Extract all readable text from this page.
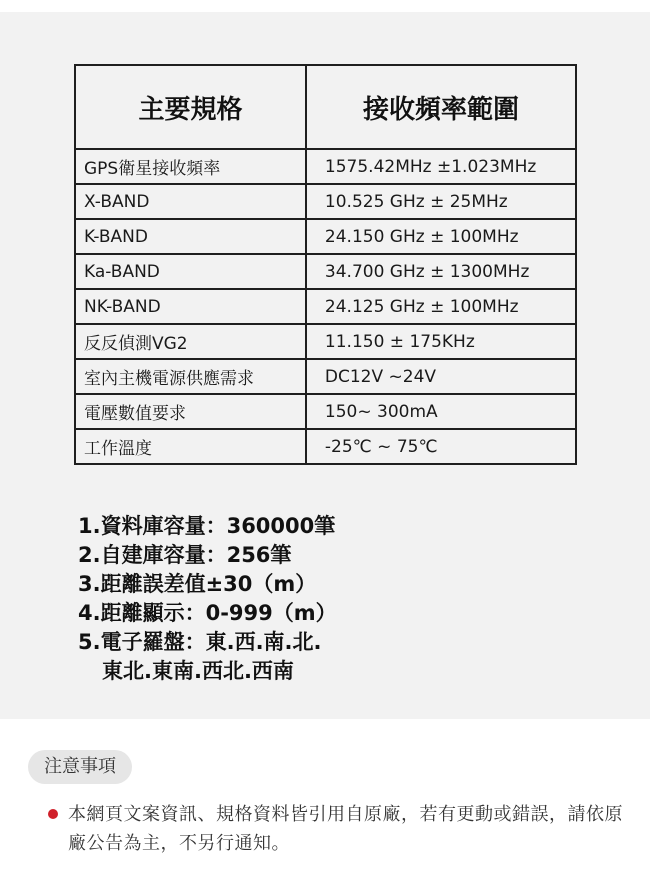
主要規格	接收頻率範圍
GPS衛星接收頻率	1575.42MHz ±1.023MHz
X-BAND	10.525 GHz ± 25MHz
K-BAND	24.150 GHz ± 100MHz
Ka-BAND	34.700 GHz ± 1300MHz
NK-BAND	24.125 GHz ± 100MHz
反反偵測VG2	11.150 ± 175KHz
室內主機電源供應需求	DC12V ~24V
電壓數值要求	150~ 300mA
工作溫度	-25℃ ~ 75℃
1.資料庫容量：360000筆
2.自建庫容量：256筆
3.距離誤差值±30（m）
4.距離顯示：0-999（m）
5.電子羅盤：東.西.南.北.
東北.東南.西北.西南
注意事項
本網頁文案資訊、規格資料皆引用自原廠，若有更動或錯誤，請依原廠公告為主，不另行通知。
